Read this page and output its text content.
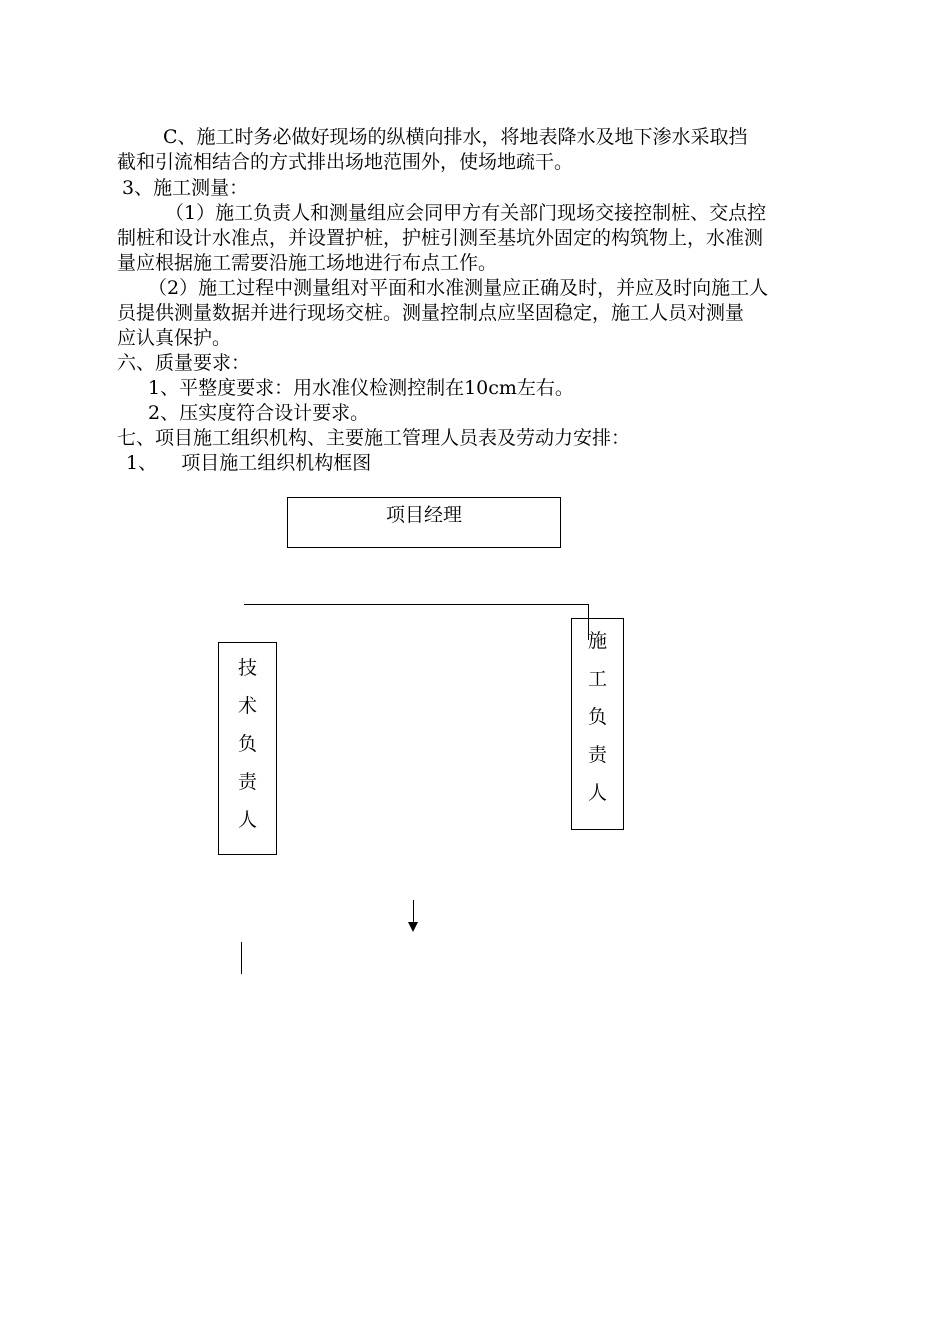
C、施工时务必做好现场的纵横向排水，将地表降水及地下渗水采取挡
截和引流相结合的方式排出场地范围外，使场地疏干。
3、施工测量：
（1）施工负责人和测量组应会同甲方有关部门现场交接控制桩、交点控
制桩和设计水准点，并设置护桩，护桩引测至基坑外固定的构筑物上，水准测
量应根据施工需要沿施工场地进行布点工作。
（2）施工过程中测量组对平面和水准测量应正确及时，并应及时向施工人
员提供测量数据并进行现场交桩。测量控制点应坚固稳定，施工人员对测量
应认真保护。
六、质量要求：
1、平整度要求：用水准仪检测控制在10cm左右。
2、压实度符合设计要求。
七、项目施工组织机构、主要施工管理人员表及劳动力安排：
1、    项目施工组织机构框图
项目经理
技
术
负
责
人
施
工
负
责
人
